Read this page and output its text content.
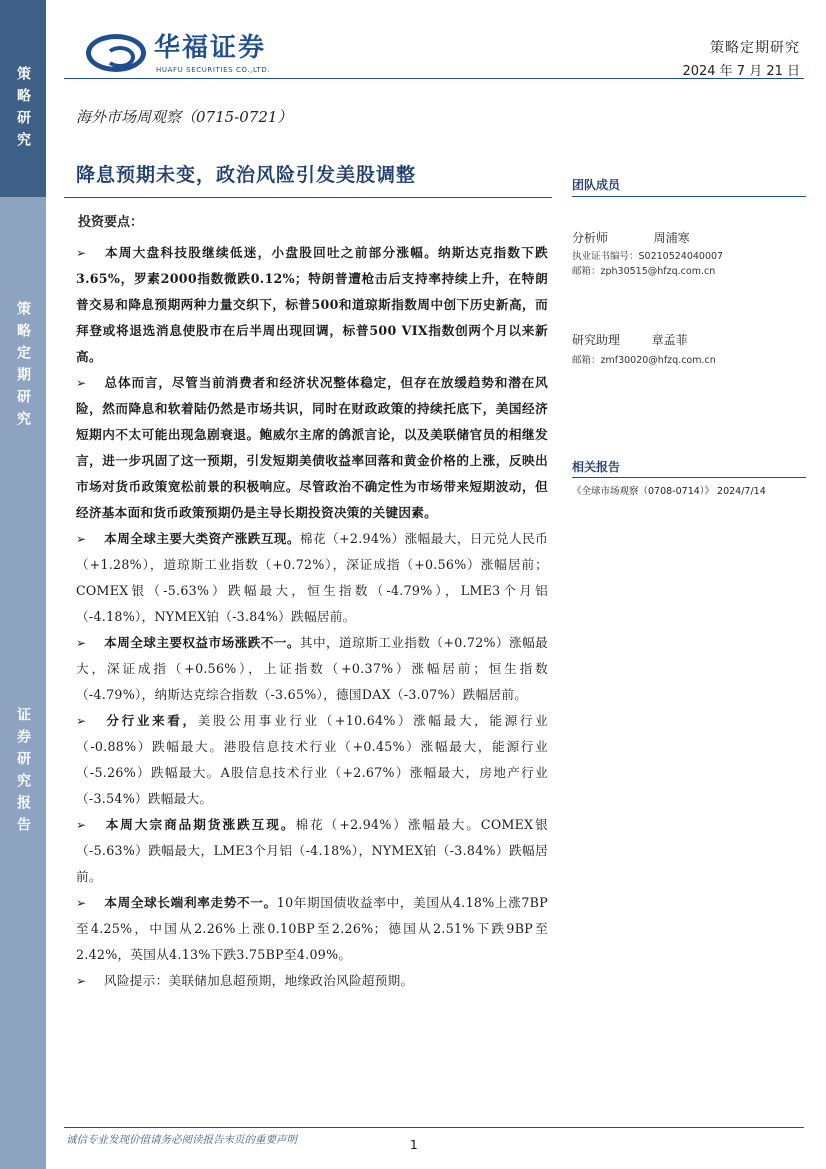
策略研究
策略定期研究
证券研究报告
华福证券
HUAFU SECURITIES CO.,LTD.
策略定期研究
2024 年 7 月 21 日
海外市场周观察（0715-0721）
降息预期未变，政治风险引发美股调整
投资要点：

➢ 本周大盘科技股继续低迷，小盘股回吐之前部分涨幅。纳斯达克指数下跌3.65%，罗素2000指数微跌0.12%；特朗普遭枪击后支持率持续上升，在特朗普交易和降息预期两种力量交织下，标普500和道琼斯指数周中创下历史新高，而拜登或将退选消息使股市在后半周出现回调，标普500 VIX指数创两个月以来新高。

➢ 总体而言，尽管当前消费者和经济状况整体稳定，但存在放缓趋势和潜在风险，然而降息和软着陆仍然是市场共识，同时在财政政策的持续托底下，美国经济短期内不太可能出现急剧衰退。鲍威尔主席的鸽派言论，以及美联储官员的相继发言，进一步巩固了这一预期，引发短期美债收益率回落和黄金价格的上涨，反映出市场对货币政策宽松前景的积极响应。尽管政治不确定性为市场带来短期波动，但经济基本面和货币政策预期仍是主导长期投资决策的关键因素。

➢ 本周全球主要大类资产涨跌互现。棉花（+2.94%）涨幅最大，日元兑人民币（+1.28%），道琼斯工业指数（+0.72%），深证成指（+0.56%）涨幅居前；COMEX银（-5.63%）跌幅最大，恒生指数（-4.79%），LME3个月铝（-4.18%），NYMEX铂（-3.84%）跌幅居前。

➢ 本周全球主要权益市场涨跌不一。其中，道琼斯工业指数（+0.72%）涨幅最大，深证成指（+0.56%），上证指数（+0.37%）涨幅居前；恒生指数（-4.79%），纳斯达克综合指数（-3.65%），德国DAX（-3.07%）跌幅居前。

➢ 分行业来看，美股公用事业行业（+10.64%）涨幅最大，能源行业（-0.88%）跌幅最大。港股信息技术行业（+0.45%）涨幅最大，能源行业（-5.26%）跌幅最大。A股信息技术行业（+2.67%）涨幅最大，房地产行业（-3.54%）跌幅最大。

➢ 本周大宗商品期货涨跌互现。棉花（+2.94%）涨幅最大。COMEX银（-5.63%）跌幅最大，LME3个月铝（-4.18%），NYMEX铂（-3.84%）跌幅居前。

➢ 本周全球长端利率走势不一。10年期国债收益率中，美国从4.18%上涨7BP至4.25%，中国从2.26%上涨0.10BP至2.26%；德国从2.51%下跌9BP至2.42%，英国从4.13%下跌3.75BP至4.09%。

➢ 风险提示：美联储加息超预期，地缘政治风险超预期。

团队成员
分析师	周浦寒
执业证书编号：S0210524040007
邮箱：zph30515@hfzq.com.cn
研究助理	章孟菲
邮箱：zmf30020@hfzq.com.cn
相关报告
《全球市场观察（0708-0714）》 2024/7/14
诚信专业发现价值请务必阅读报告末页的重要声明	1
